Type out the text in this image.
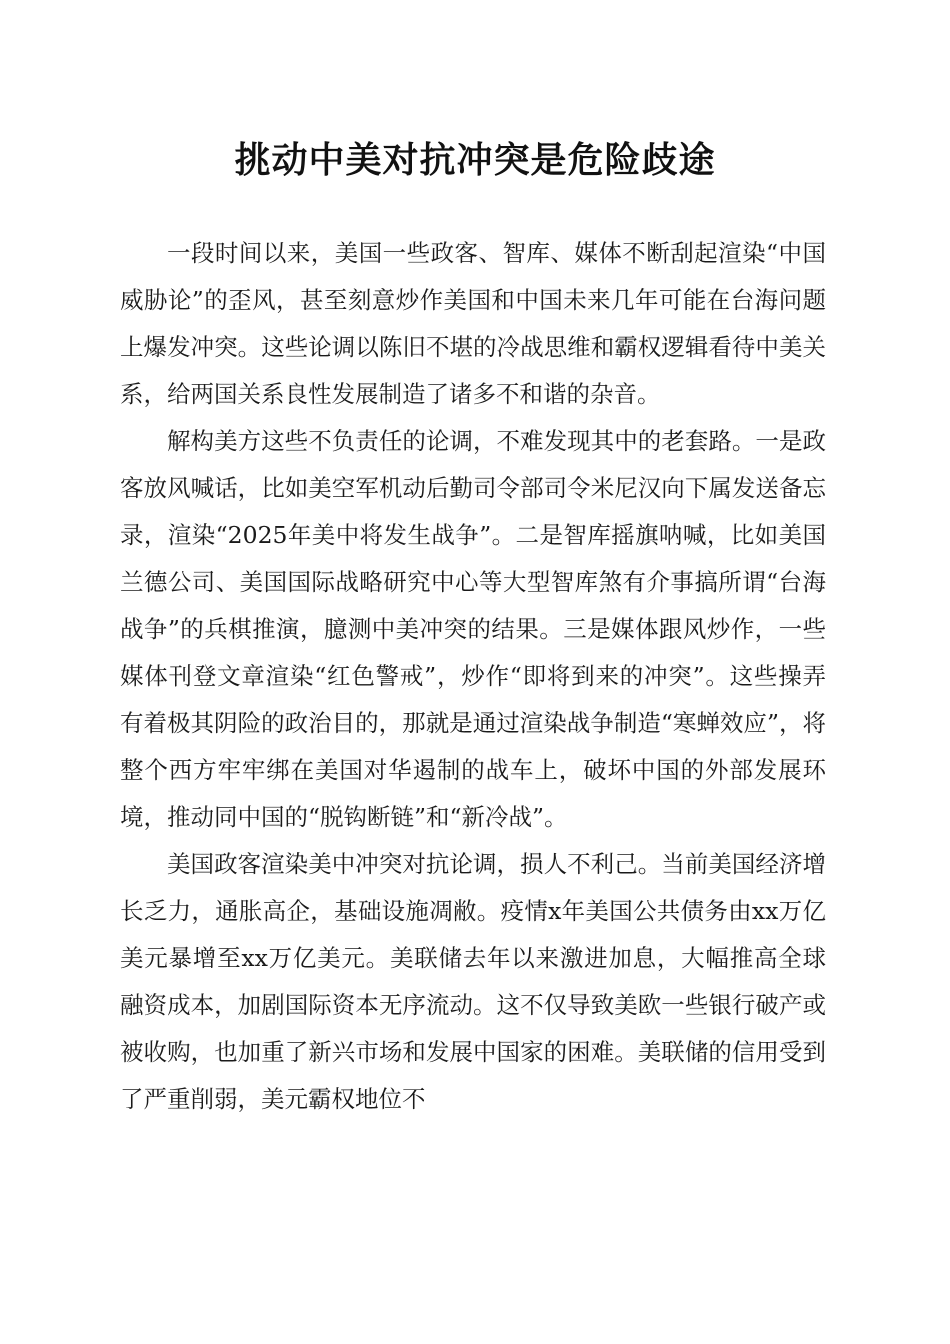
挑动中美对抗冲突是危险歧途

一段时间以来，美国一些政客、智库、媒体不断刮起渲染“中国威胁论”的歪风，甚至刻意炒作美国和中国未来几年可能在台海问题上爆发冲突。这些论调以陈旧不堪的冷战思维和霸权逻辑看待中美关系，给两国关系良性发展制造了诸多不和谐的杂音。

解构美方这些不负责任的论调，不难发现其中的老套路。一是政客放风喊话，比如美空军机动后勤司令部司令米尼汉向下属发送备忘录，渲染“2025年美中将发生战争”。二是智库摇旗呐喊，比如美国兰德公司、美国国际战略研究中心等大型智库煞有介事搞所谓“台海战争”的兵棋推演，臆测中美冲突的结果。三是媒体跟风炒作，一些媒体刊登文章渲染“红色警戒”，炒作“即将到来的冲突”。这些操弄有着极其阴险的政治目的，那就是通过渲染战争制造“寒蝉效应”，将整个西方牢牢绑在美国对华遏制的战车上，破坏中国的外部发展环境，推动同中国的“脱钩断链”和“新冷战”。

美国政客渲染美中冲突对抗论调，损人不利己。当前美国经济增长乏力，通胀高企，基础设施凋敝。疫情x年美国公共债务由xx万亿美元暴增至xx万亿美元。美联储去年以来激进加息，大幅推高全球融资成本，加剧国际资本无序流动。这不仅导致美欧一些银行破产或被收购，也加重了新兴市场和发展中国家的困难。美联储的信用受到了严重削弱，美元霸权地位不
